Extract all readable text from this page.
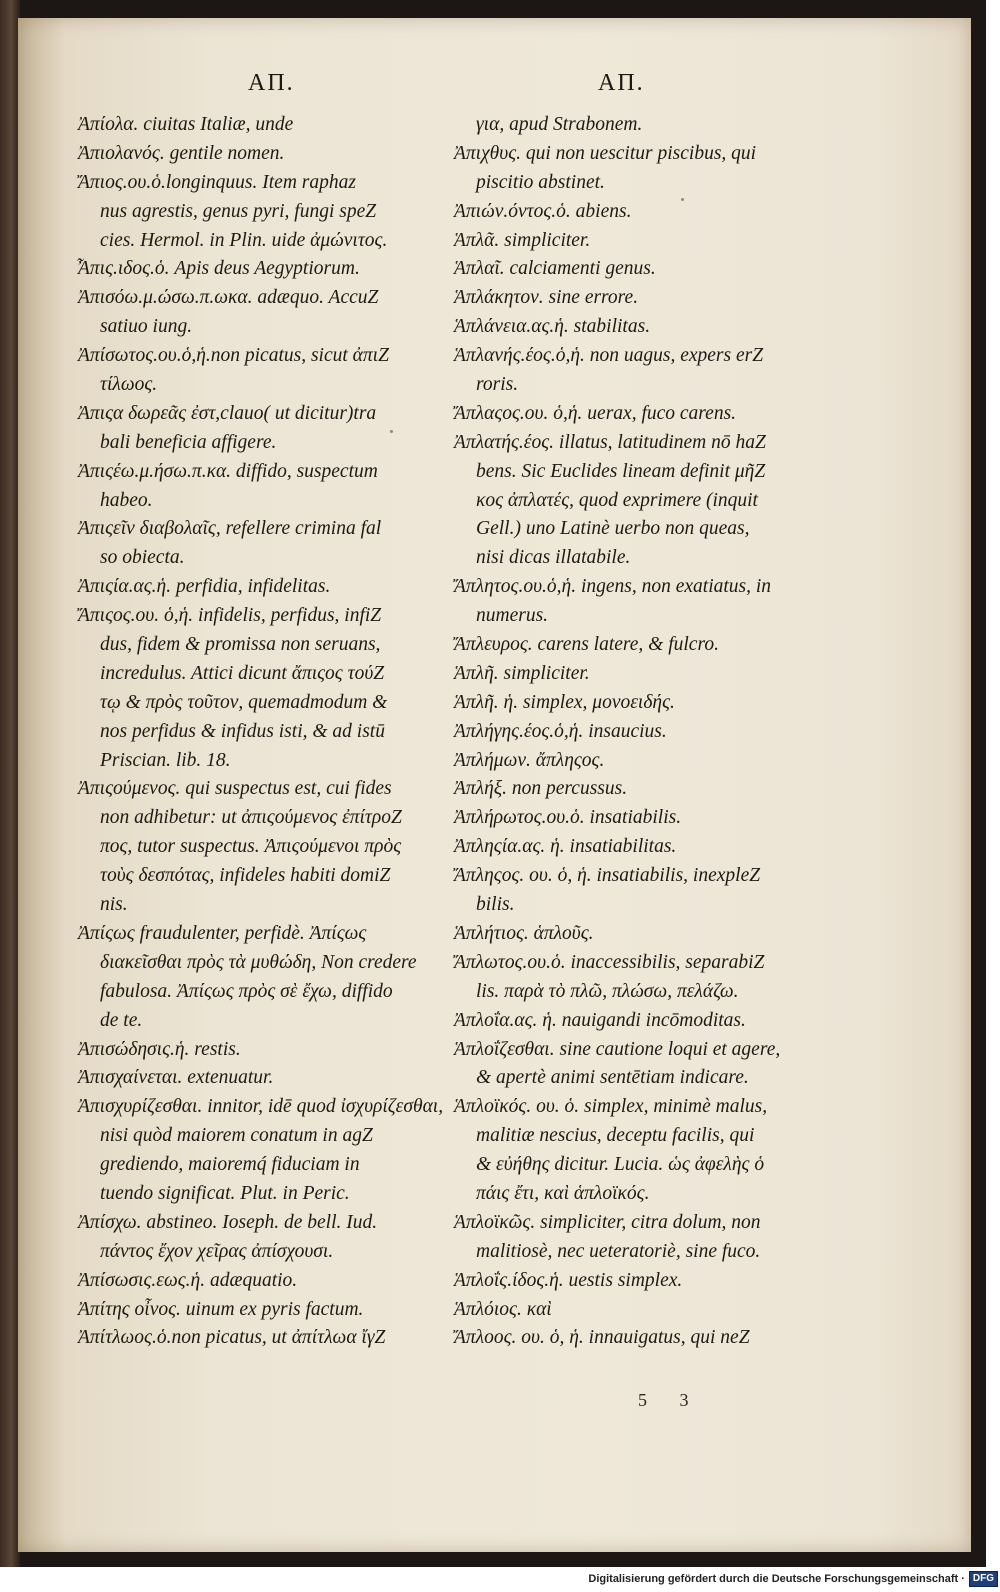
ΑΠ.	ΑΠ.
Ἀπίολα. ciuitas Italiæ, unde
Ἀπιολανός. gentile nomen.
Ἄπιος.ου.ὁ.longinquus. Item raphaz
nus agrestis, genus pyri, fungi speZ
cies. Hermol. in Plin. uide ἀμώνιτος.
Ἆπις.ιδος.ὁ. Apis deus Aegyptiorum.
Ἀπισόω.μ.ώσω.π.ωκα. adæquo. AccuZ
satiuo iung.
Ἀπίσωτος.ου.ὁ,ἡ.non picatus, sicut ἀπιZ
τίλωος.
Ἀπιςα δωρεᾶς ἐστ,clauo( ut dicitur)tra
bali beneficia affigere.
Ἀπιςέω.μ.ήσω.π.κα. diffido, suspectum
habeo.
Ἀπιςεῖν διαβολαῖς, refellere crimina fal
so obiecta.
Ἀπιςία.ας.ἡ. perfidia, infidelitas.
Ἄπιςος.ου. ὁ,ἡ. infidelis, perfidus, infiZ
dus, fidem & promissa non seruans,
incredulus. Attici dicunt ἄπιςος τούZ
τῳ & πρὸς τοῦτον, quemadmodum &
nos perfidus & infidus isti, & ad istū
Priscian. lib. 18.
Ἀπιςούμενος. qui suspectus est, cui fides
non adhibetur: ut ἀπιςούμενος ἐπίτροZ
πος, tutor suspectus. Ἀπιςούμενοι πρὸς
τοὺς δεσπότας, infideles habiti domiZ
nis.
Ἀπίςως fraudulenter, perfidè. Ἀπίςως
διακεῖσθαι πρὸς τὰ μυθώδη, Non credere
fabulosa. Ἀπίςως πρὸς σὲ ἔχω, diffido
de te.
Ἀπισώδησις.ἡ. restis.
Ἀπισχαίνεται. extenuatur.
Ἀπισχυρίζεσθαι. innitor, idē quod ἰσχυρίζεσθαι,
nisi quòd maiorem conatum in agZ
grediendo, maioremq́ fiduciam in
tuendo significat. Plut. in Peric.
Ἀπίσχω. abstineo. Ioseph. de bell. Iud.
πάντος ἔχον χεῖρας ἀπίσχουσι.
Ἀπίσωσις.εως.ἡ. adæquatio.
Ἀπίτης οἶνος. uinum ex pyris factum.
Ἀπίτλωος.ὁ.non picatus, ut ἀπίτλωα ἴγZ
για, apud Strabonem.
Ἀπιχθυς. qui non uescitur piscibus, qui
piscitio abstinet.
Ἀπιών.όντος.ὁ. abiens.
Ἁπλᾶ. simpliciter.
Ἁπλαῖ. calciamenti genus.
Ἁπλάκητον. sine errore.
Ἁπλάνεια.ας.ἡ. stabilitas.
Ἁπλανής.έος.ὁ,ἡ. non uagus, expers erZ
roris.
Ἄπλαςος.ου. ὁ,ἡ. uerax, fuco carens.
Ἀπλατής.έος. illatus, latitudinem nō haZ
bens. Sic Euclides lineam definit μῆZ
κος ἀπλατές, quod exprimere (inquit
Gell.) uno Latinè uerbo non queas,
nisi dicas illatabile.
Ἄπλητος.ου.ὁ,ἡ. ingens, non exatiatus, in
numerus.
Ἄπλευρος. carens latere, & fulcro.
Ἁπλῆ. simpliciter.
Ἁπλῆ. ἡ. simplex, μονοειδής.
Ἀπλήγης.έος.ὁ,ἡ. insaucius.
Ἀπλήμων. ἄπληςος.
Ἀπλήξ. non percussus.
Ἀπλήρωτος.ου.ὁ. insatiabilis.
Ἀπληςία.ας. ἡ. insatiabilitas.
Ἄπληςος. ου. ὁ, ἡ. insatiabilis, inexpleZ
bilis.
Ἁπλήτιος. ἁπλοῦς.
Ἄπλωτος.ου.ὁ. inaccessibilis, separabiZ
lis. παρὰ τὸ πλῶ, πλώσω, πελάζω.
Ἀπλοΐα.ας. ἡ. nauigandi incōmoditas.
Ἁπλοΐζεσθαι. sine cautione loqui et agere,
& apertè animi sentētiam indicare.
Ἁπλοϊκός. ου. ὁ. simplex, minimè malus,
malitiæ nescius, deceptu facilis, qui
& εὐήθης dicitur. Lucia. ὡς ἀφελὴς ὁ
πάις ἔτι, καὶ ἁπλοϊκός.
Ἁπλοϊκῶς. simpliciter, citra dolum, non
malitiosè, nec ueteratoriè, sine fuco.
Ἁπλοΐς.ίδος.ἡ. uestis simplex.
Ἁπλόιος. καὶ
Ἄπλοος. ου. ὁ, ἡ. innauigatus, qui neZ
5 3
Digitalisierung gefördert durch die Deutsche Forschungsgemeinschaft · DFG
